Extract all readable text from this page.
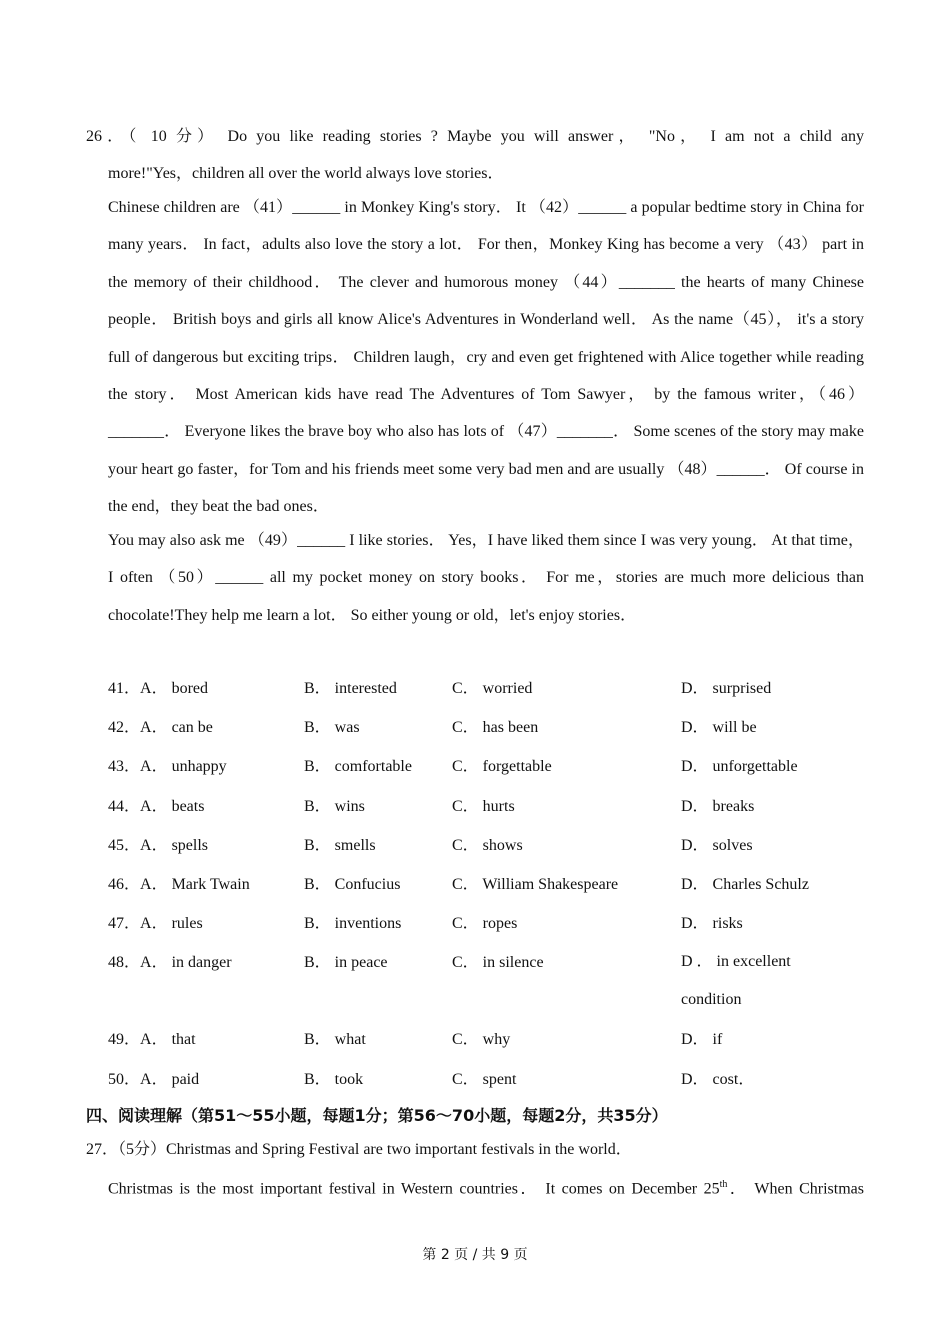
26．（ 10 分） Do you like reading stories ? Maybe you will answer， "No， I am not a child any
more!"Yes，children all over the world always love stories．
Chinese children are （41）______ in Monkey King's story． It （42）______ a popular bedtime story in China for many years． In fact，adults also love the story a lot． For then，Monkey King has become a very （43） part in the memory of their childhood． The clever and humorous money （44）_______ the hearts of many Chinese people． British boys and girls all know Alice's Adventures in Wonderland well． As the name（45）， it's a story full of dangerous but exciting trips． Children laugh，cry and even get frightened with Alice together while reading the story． Most American kids have read The Adventures of Tom Sawyer， by the famous writer，（46）_______． Everyone likes the brave boy who also has lots of （47）_______． Some scenes of the story may make your heart go faster，for Tom and his friends meet some very bad men and are usually （48）______． Of course in the end，they beat the bad ones．
You may also ask me （49）______ I like stories． Yes，I have liked them since I was very young． At that time，I often （50）______ all my pocket money on story books． For me，stories are much more delicious than chocolate!They help me learn a lot． So either young or old，let's enjoy stories．
41．A． bored	B． interested	C． worried	D． surprised
42．A． can be	B． was	C． has been	D． will be
43．A． unhappy	B． comfortable	C． forgettable	D． unforgettable
44．A． beats	B． wins	C． hurts	D． breaks
45．A． spells	B． smells	C． shows	D． solves
46．A． Mark Twain	B． Confucius	C． William Shakespeare	D． Charles Schulz
47．A． rules	B． inventions	C． ropes	D． risks
48．A． in danger	B． in peace	C． in silence	D ． in excellent condition
49．A． that	B． what	C． why	D． if
50．A． paid	B． took	C． spent	D． cost．
四、阅读理解（第51～55小题，每题1分；第56～70小题，每题2分，共35分）
27．（5分）Christmas and Spring Festival are two important festivals in the world．
Christmas is the most important festival in Western countries． It comes on December 25th． When Christmas
第 2 页 / 共 9 页
